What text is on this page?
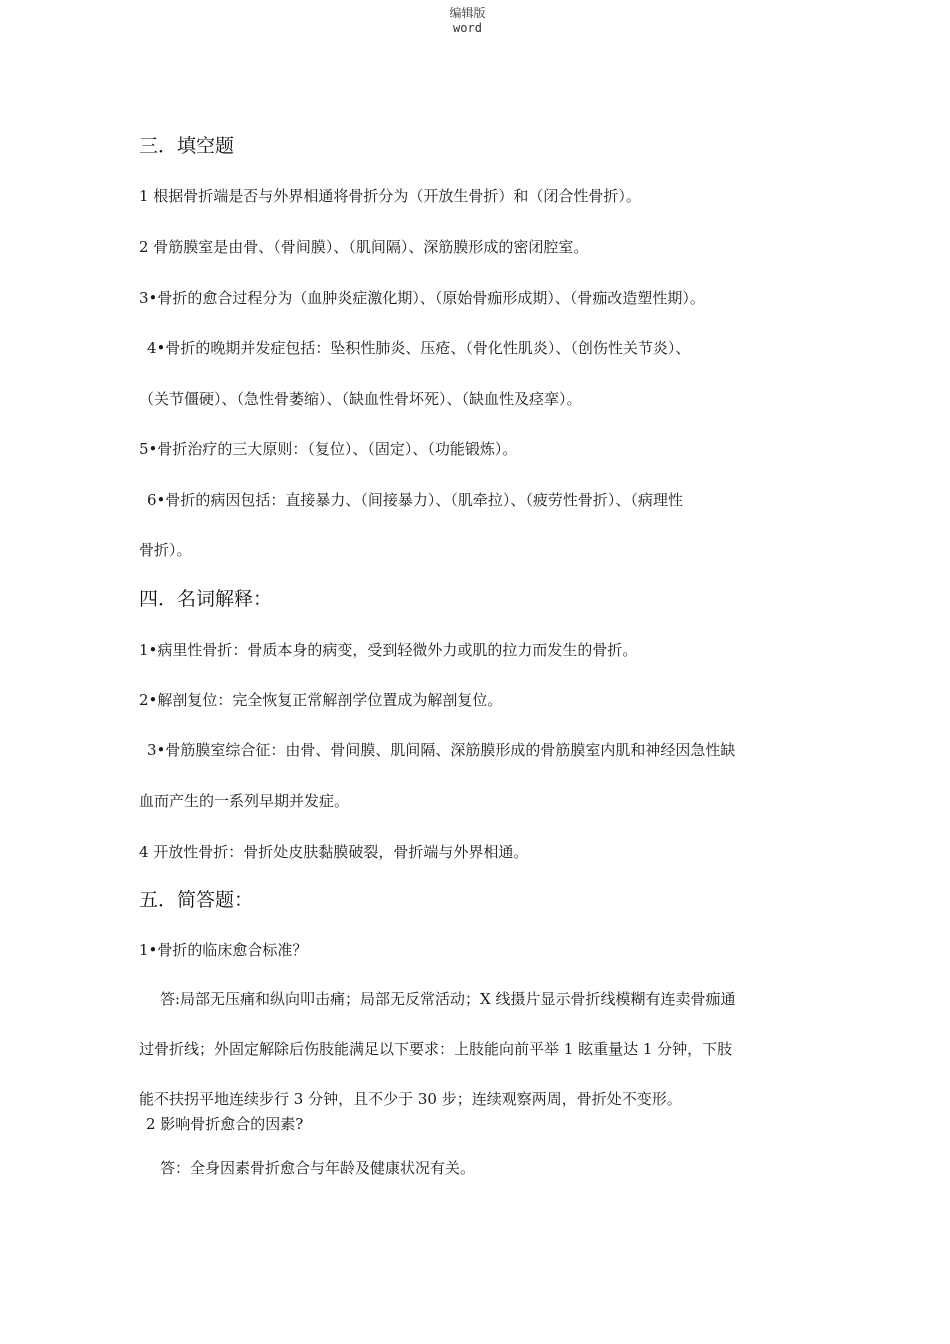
编辑版
word
三．填空题
1 根据骨折端是否与外界相通将骨折分为（开放生骨折）和（闭合性骨折）。
2 骨筋膜室是由骨、（骨间膜）、（肌间隔）、深筋膜形成的密闭腔室。
3•骨折的愈合过程分为（血肿炎症激化期）、（原始骨痂形成期）、（骨痂改造塑性期）。
4•骨折的晚期并发症包括：坠积性肺炎、压疮、（骨化性肌炎）、（创伤性关节炎）、
（关节僵硬）、（急性骨萎缩）、（缺血性骨坏死）、（缺血性及痉挛）。
5•骨折治疗的三大原则：（复位）、（固定）、（功能锻炼）。
6•骨折的病因包括：直接暴力、（间接暴力）、（肌牵拉）、（疲劳性骨折）、（病理性
骨折）。
四．名词解释：
1•病里性骨折：骨质本身的病变，受到轻微外力或肌的拉力而发生的骨折。
2•解剖复位：完全恢复正常解剖学位置成为解剖复位。
3•骨筋膜室综合征：由骨、骨间膜、肌间隔、深筋膜形成的骨筋膜室内肌和神经因急性缺
血而产生的一系列早期并发症。
4 开放性骨折：骨折处皮肤黏膜破裂，骨折端与外界相通。
五．简答题：
1•骨折的临床愈合标准？
答:局部无压痛和纵向叩击痛；局部无反常活动；X 线摄片显示骨折线模糊有连卖骨痂通
过骨折线；外固定解除后伤肢能满足以下要求：上肢能向前平举 1 眩重量达 1 分钟，下肢
能不扶拐平地连续步行 3 分钟，且不少于 30 步；连续观察两周，骨折处不变形。
2 影响骨折愈合的因素?
答：全身因素骨折愈合与年龄及健康状况有关。
